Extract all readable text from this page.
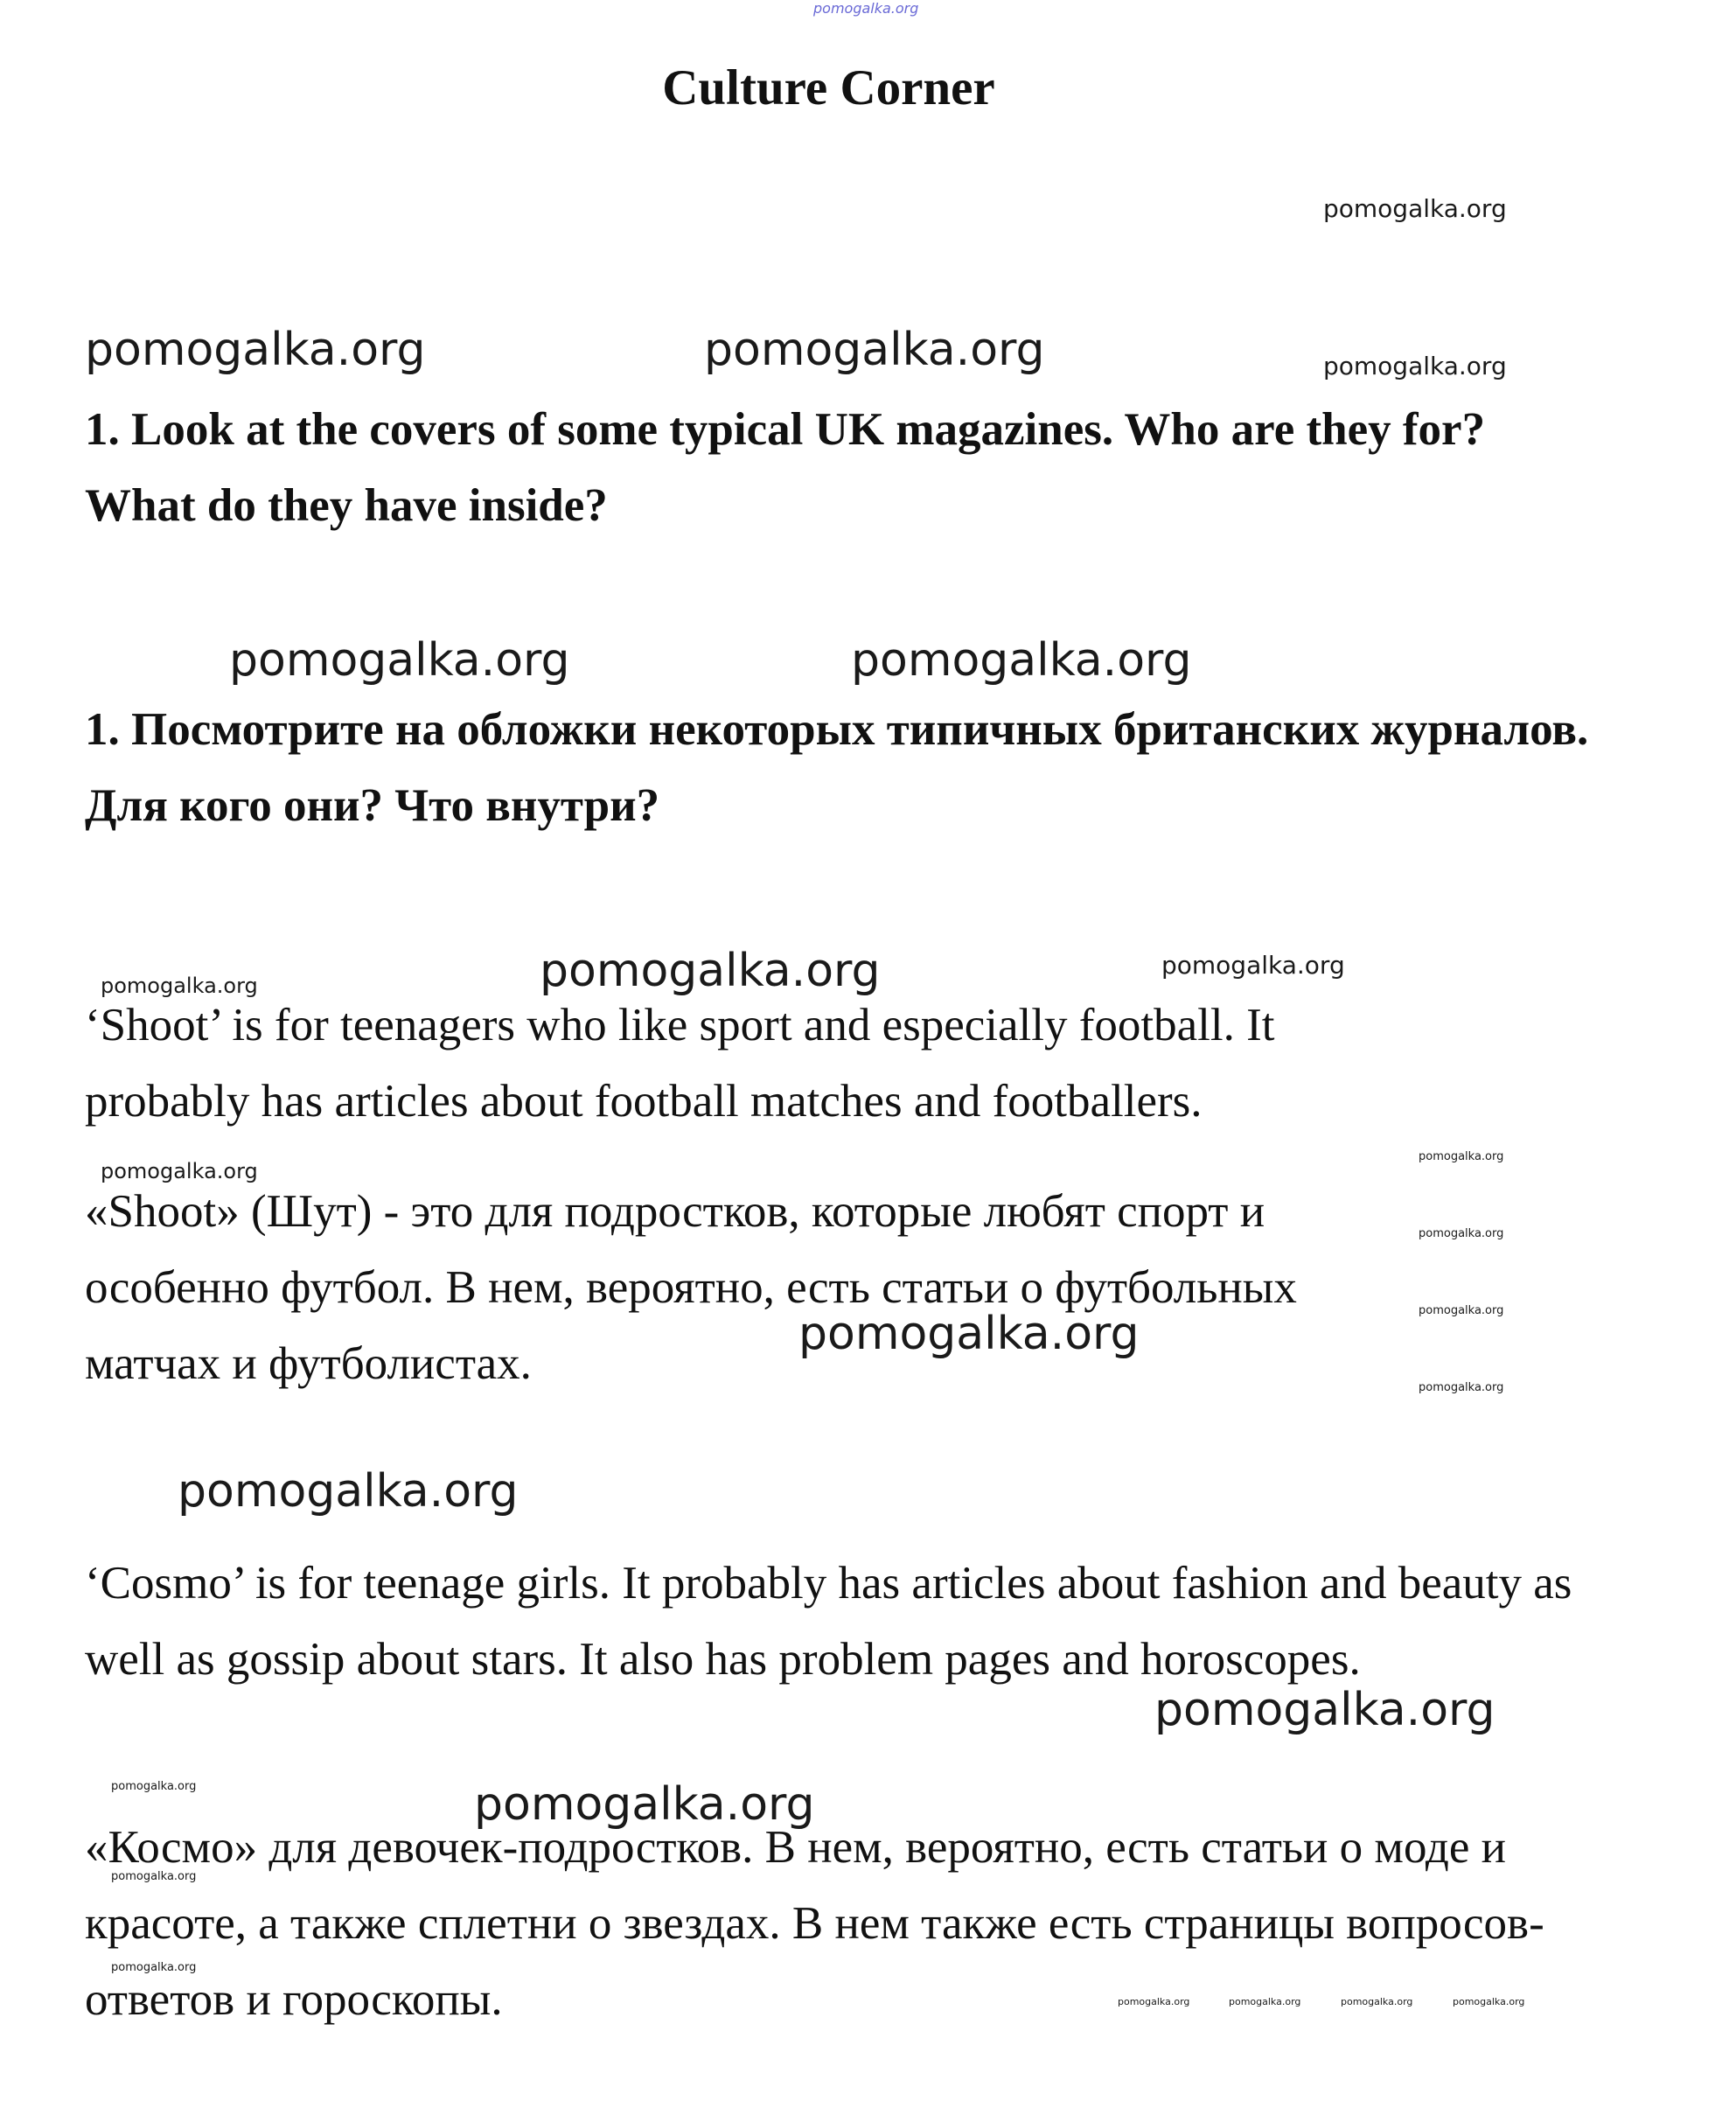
pomogalka.org
Culture Corner
pomogalka.org
pomogalka.org	pomogalka.org	pomogalka.org
1. Look at the covers of some typical UK magazines. Who are they for? What do they have inside?
pomogalka.org	pomogalka.org
1. Посмотрите на обложки некоторых типичных британских журналов. Для кого они? Что внутри?
pomogalka.org	pomogalka.org	pomogalka.org
‘Shoot’ is for teenagers who like sport and especially football. It probably has articles about football matches and footballers.
pomogalka.org
pomogalka.org
pomogalka.org
pomogalka.org
pomogalka.org
«Shoot» (Шут) - это для подростков, которые любят спорт и особенно футбол. В нем, вероятно, есть статьи о футбольных матчах и футболистах.
pomogalka.org
pomogalka.org
‘Cosmo’ is for teenage girls. It probably has articles about fashion and beauty as well as gossip about stars. It also has problem pages and horoscopes.
pomogalka.org
pomogalka.org	pomogalka.org
«Космо» для девочек-подростков. В нем, вероятно, есть статьи о моде и красоте, а также сплетни о звездах. В нем также есть страницы вопросов-ответов и гороскопы.
pomogalka.org
pomogalka.org
pomogalka.org	pomogalka.org	pomogalka.org	pomogalka.org
